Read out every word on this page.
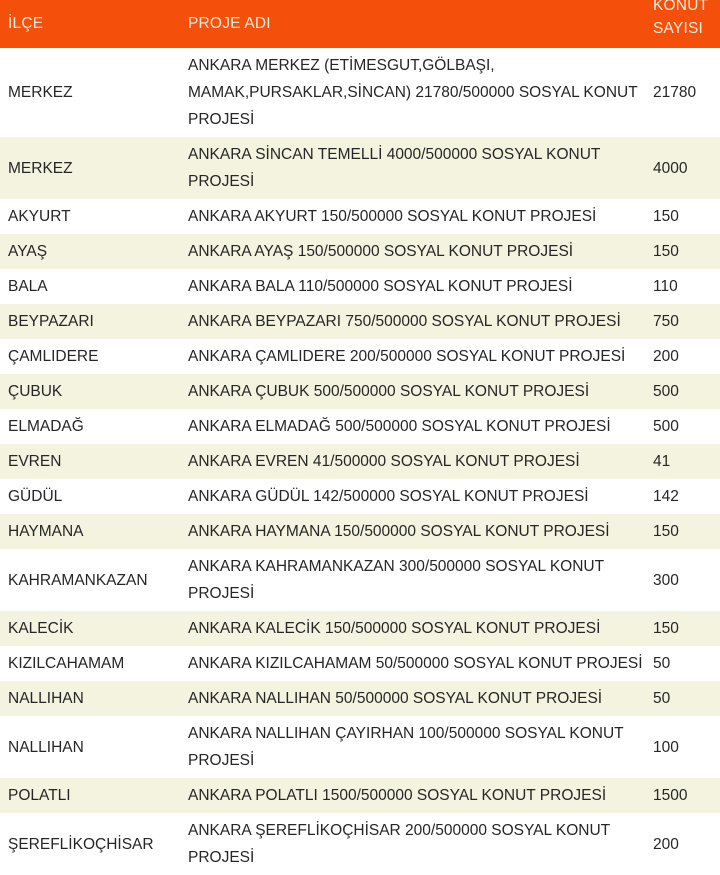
İLÇE	PROJE ADI	KONUT SAYISI

MERKEZ	ANKARA MERKEZ (ETİMESGUT,GÖLBAŞI, MAMAK,PURSAKLAR,SİNCAN) 21780/500000 SOSYAL KONUT PROJESİ	21780

MERKEZ	ANKARA SİNCAN TEMELLİ 4000/500000 SOSYAL KONUT PROJESİ	4000

AKYURT	ANKARA AKYURT 150/500000 SOSYAL KONUT PROJESİ	150

AYAŞ	ANKARA AYAŞ 150/500000 SOSYAL KONUT PROJESİ	150

BALA	ANKARA BALA 110/500000 SOSYAL KONUT PROJESİ	110

BEYPAZARI	ANKARA BEYPAZARI 750/500000 SOSYAL KONUT PROJESİ	750

ÇAMLIDERE	ANKARA ÇAMLIDERE 200/500000 SOSYAL KONUT PROJESİ	200

ÇUBUK	ANKARA ÇUBUK 500/500000 SOSYAL KONUT PROJESİ	500

ELMADAĞ	ANKARA ELMADAĞ 500/500000 SOSYAL KONUT PROJESİ	500

EVREN	ANKARA EVREN 41/500000 SOSYAL KONUT PROJESİ	41

GÜDÜL	ANKARA GÜDÜL 142/500000 SOSYAL KONUT PROJESİ	142

HAYMANA	ANKARA HAYMANA 150/500000 SOSYAL KONUT PROJESİ	150

KAHRAMANKAZAN	ANKARA KAHRAMANKAZAN 300/500000 SOSYAL KONUT PROJESİ	300

KALECİK	ANKARA KALECİK 150/500000 SOSYAL KONUT PROJESİ	150

KIZILCAHAMAM	ANKARA KIZILCAHAMAM 50/500000 SOSYAL KONUT PROJESİ	50

NALLIHAN	ANKARA NALLIHAN 50/500000 SOSYAL KONUT PROJESİ	50

NALLIHAN	ANKARA NALLIHAN ÇAYIRHAN 100/500000 SOSYAL KONUT PROJESİ	100

POLATLI	ANKARA POLATLI 1500/500000 SOSYAL KONUT PROJESİ	1500

ŞEREFLİKOÇHİSAR	ANKARA ŞEREFLİKOÇHİSAR 200/500000 SOSYAL KONUT PROJESİ	200
